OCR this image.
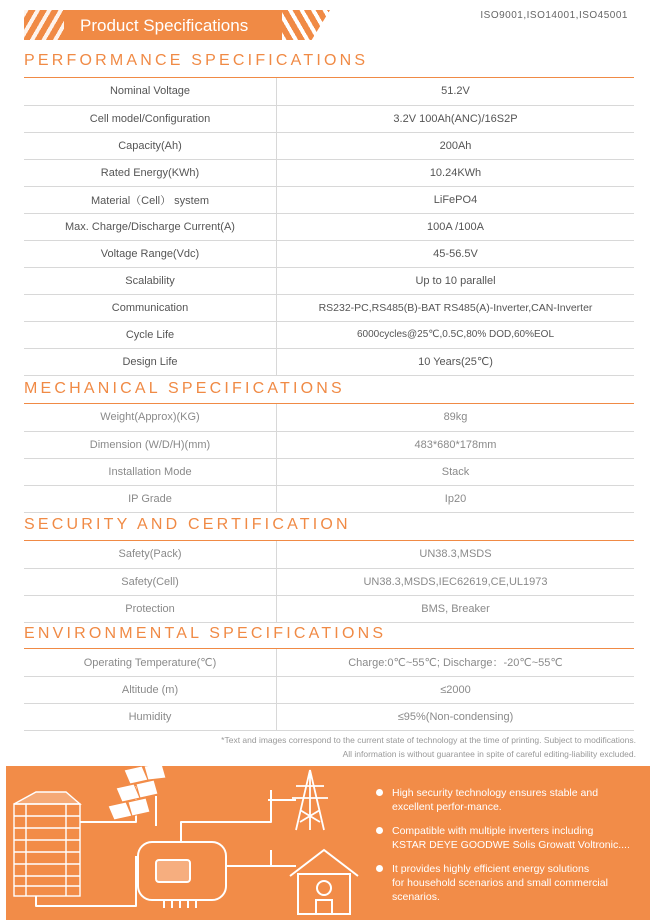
Product Specifications
ISO9001,ISO14001,ISO45001
PERFORMANCE SPECIFICATIONS
Nominal Voltage	51.2V
Cell model/Configuration	3.2V 100Ah(ANC)/16S2P
Capacity(Ah)	200Ah
Rated Energy(KWh)	10.24KWh
Material（Cell） system	LiFePO4
Max. Charge/Discharge Current(A)	100A /100A
Voltage Range(Vdc)	45-56.5V
Scalability	Up to 10 parallel
Communication	RS232-PC,RS485(B)-BAT RS485(A)-Inverter,CAN-Inverter
Cycle Life	6000cycles@25℃,0.5C,80% DOD,60%EOL
Design Life	10 Years(25℃)
MECHANICAL SPECIFICATIONS
Weight(Approx)(KG)	89kg
Dimension (W/D/H)(mm)	483*680*178mm
Installation Mode	Stack
IP Grade	Ip20
SECURITY AND CERTIFICATION
Safety(Pack)	UN38.3,MSDS
Safety(Cell)	UN38.3,MSDS,IEC62619,CE,UL1973
Protection	BMS, Breaker
ENVIRONMENTAL SPECIFICATIONS
Operating Temperature(℃)	Charge:0℃~55℃; Discharge：-20℃~55℃
Altitude (m)	≤2000
Humidity	≤95%(Non-condensing)
*Text and images correspond to the current state of technology at the time of printing. Subject to modifications.
All information is without guarantee in spite of careful editing-liability excluded.
High security technology ensures stable and
excellent perfor-mance.
Compatible with multiple inverters including
KSTAR DEYE GOODWE Solis Growatt Voltronic....
It provides highly efficient energy solutions
for household scenarios and small commercial
scenarios.
